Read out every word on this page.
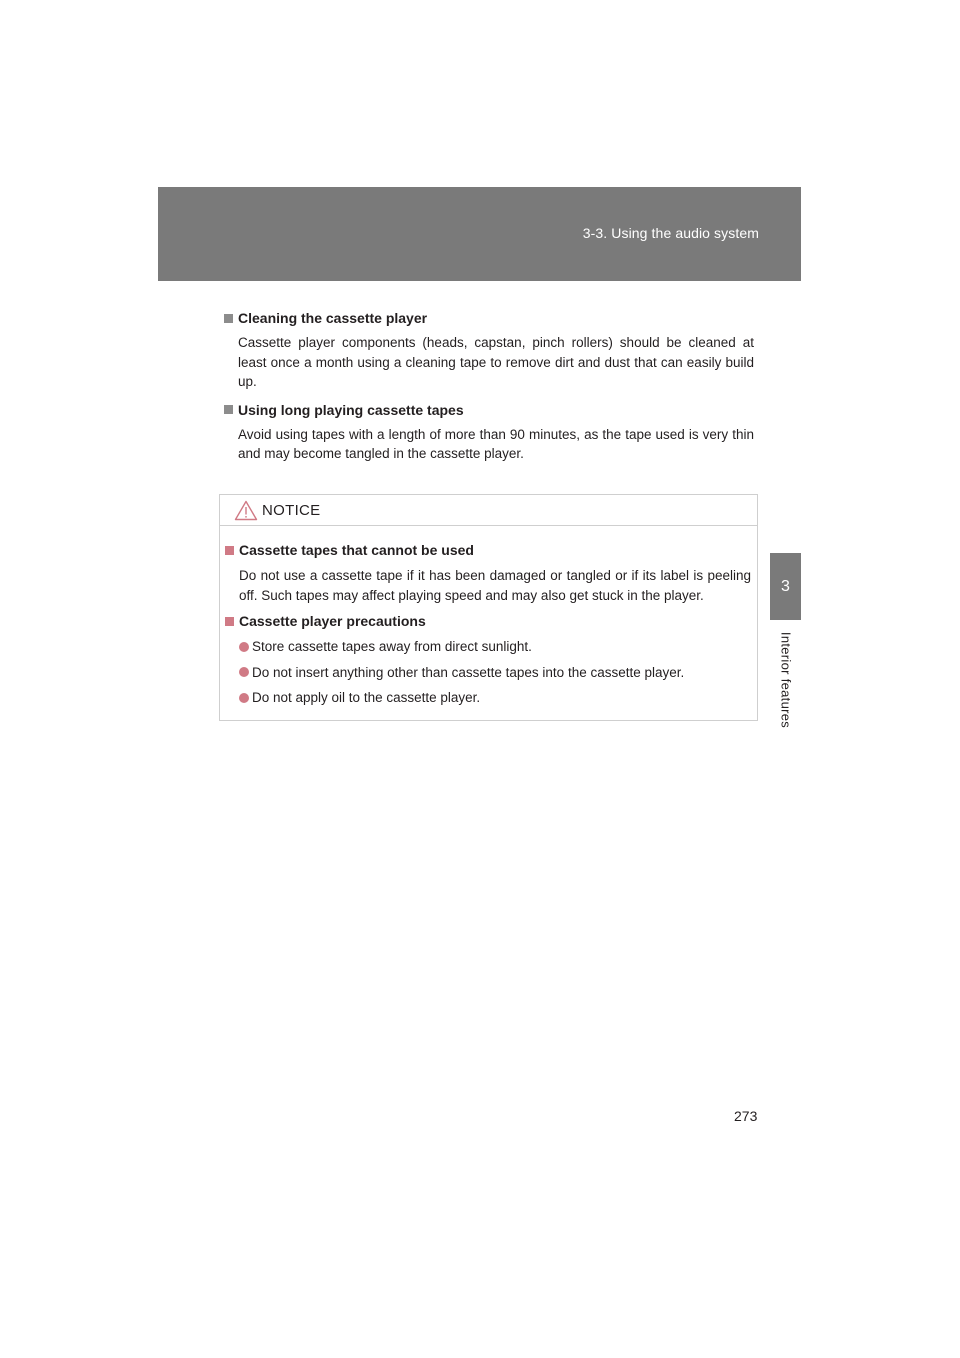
3-3. Using the audio system
3
Interior features
Cleaning the cassette player
Cassette player components (heads, capstan, pinch rollers) should be cleaned at least once a month using a cleaning tape to remove dirt and dust that can easily build up.
Using long playing cassette tapes
Avoid using tapes with a length of more than 90 minutes, as the tape used is very thin and may become tangled in the cassette player.
NOTICE
Cassette tapes that cannot be used
Do not use a cassette tape if it has been damaged or tangled or if its label is peeling off. Such tapes may affect playing speed and may also get stuck in the player.
Cassette player precautions
Store cassette tapes away from direct sunlight.
Do not insert anything other than cassette tapes into the cassette player.
Do not apply oil to the cassette player.
273
